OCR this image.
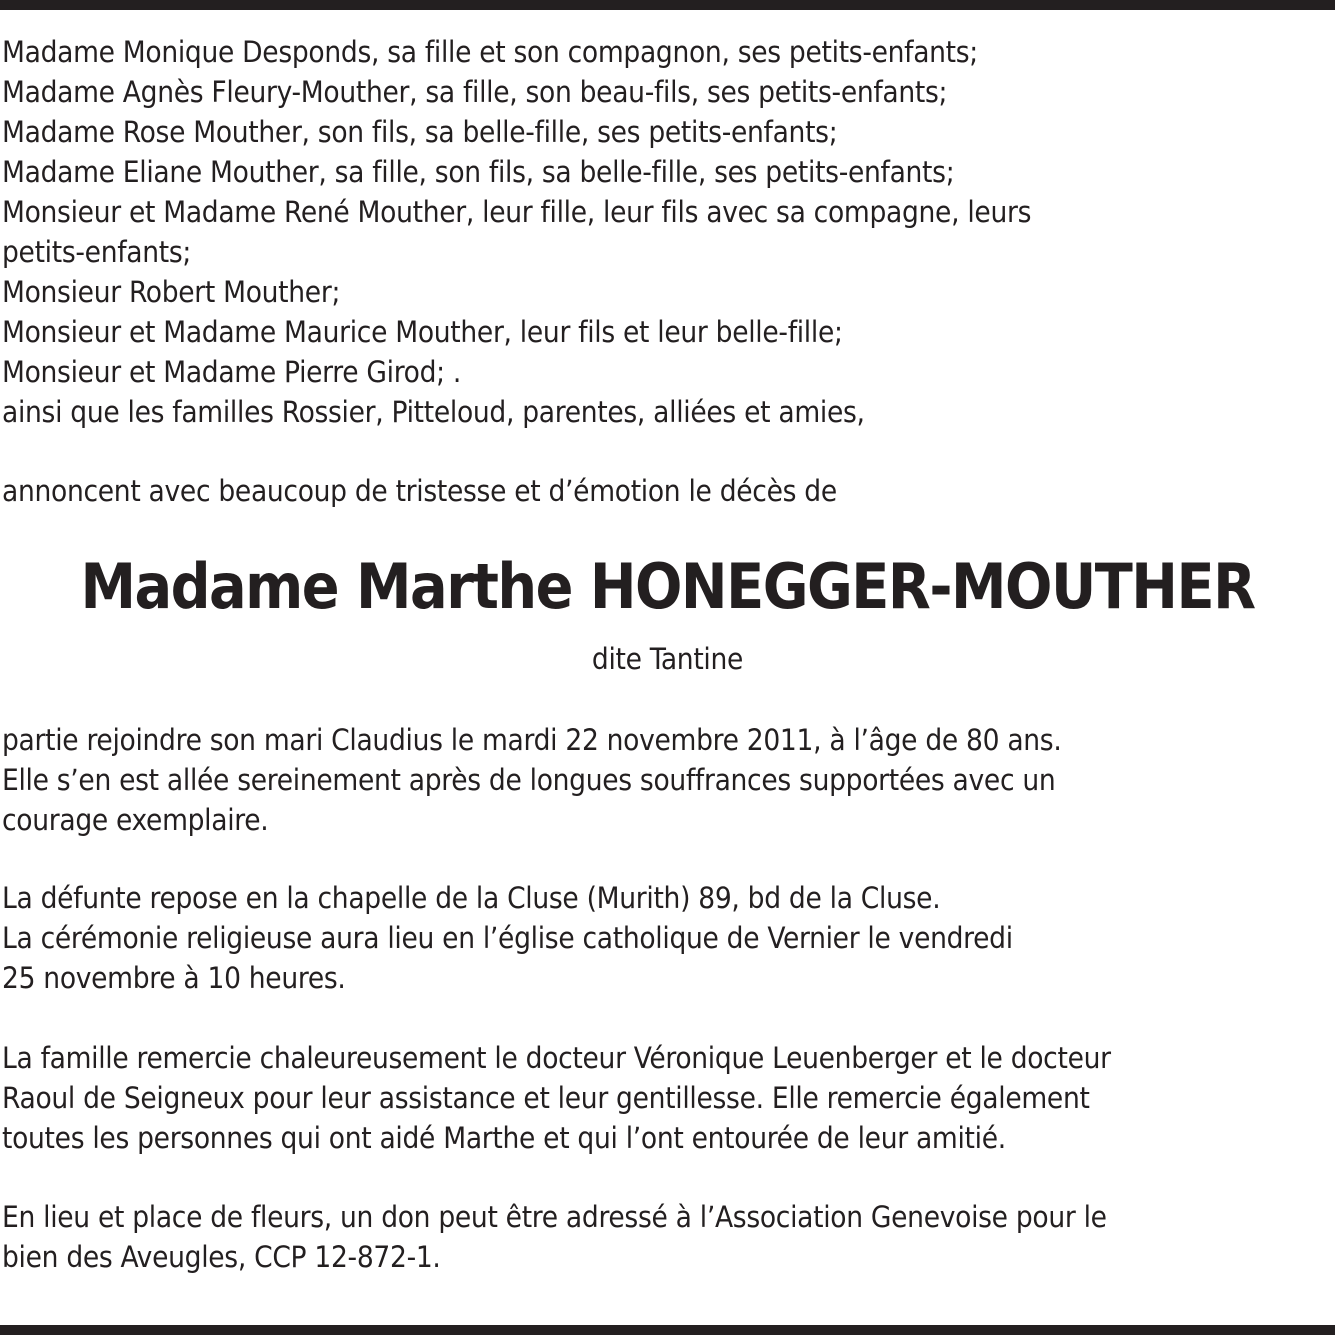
Madame Monique Desponds, sa fille et son compagnon, ses petits-enfants;
Madame Agnès Fleury-Mouther, sa fille, son beau-fils, ses petits-enfants;
Madame Rose Mouther, son fils, sa belle-fille, ses petits-enfants;
Madame Eliane Mouther, sa fille, son fils, sa belle-fille, ses petits-enfants;
Monsieur et Madame René Mouther, leur fille, leur fils avec sa compagne, leurs
petits-enfants;
Monsieur Robert Mouther;
Monsieur et Madame Maurice Mouther, leur fils et leur belle-fille;
Monsieur et Madame Pierre Girod; .
ainsi que les familles Rossier, Pitteloud, parentes, alliées et amies,
annoncent avec beaucoup de tristesse et d’émotion le décès de
Madame Marthe HONEGGER-MOUTHER
dite Tantine
partie rejoindre son mari Claudius le mardi 22 novembre 2011, à l’âge de 80 ans.
Elle s’en est allée sereinement après de longues souffrances supportées avec un
courage exemplaire.
La défunte repose en la chapelle de la Cluse (Murith) 89, bd de la Cluse.
La cérémonie religieuse aura lieu en l’église catholique de Vernier le vendredi
25 novembre à 10 heures.
La famille remercie chaleureusement le docteur Véronique Leuenberger et le docteur
Raoul de Seigneux pour leur assistance et leur gentillesse. Elle remercie également
toutes les personnes qui ont aidé Marthe et qui l’ont entourée de leur amitié.
En lieu et place de fleurs, un don peut être adressé à l’Association Genevoise pour le
bien des Aveugles, CCP 12-872-1.
